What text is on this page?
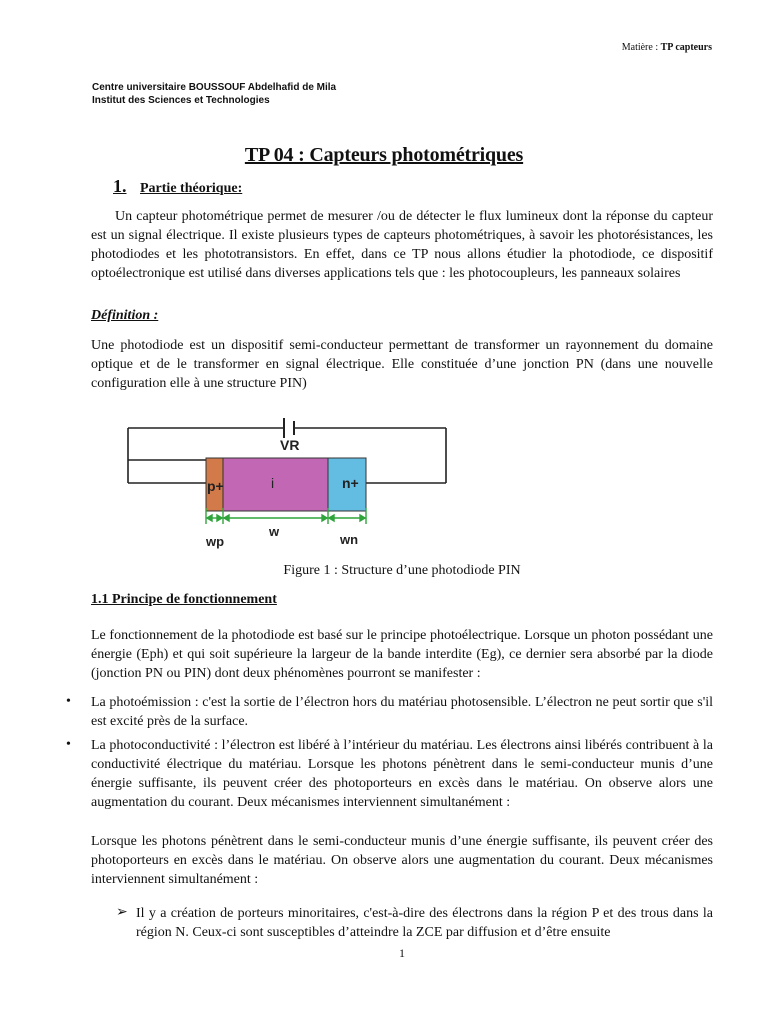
Matière : TP capteurs
Centre universitaire BOUSSOUF Abdelhafid de Mila
Institut des Sciences et Technologies
TP 04 : Capteurs photométriques
1. Partie théorique:
Un capteur photométrique permet de mesurer /ou de détecter le flux lumineux dont la réponse du capteur est un signal électrique. Il existe plusieurs types de capteurs photométriques, à savoir les photorésistances, les photodiodes et les phototransistors. En effet, dans ce TP nous allons étudier la photodiode, ce dispositif optoélectronique est utilisé dans diverses applications tels que : les photocoupleurs, les panneaux solaires
Définition :
Une photodiode est un dispositif semi-conducteur permettant de transformer un rayonnement du domaine optique et de le transformer en signal électrique. Elle constituée d’une jonction PN (dans une nouvelle configuration elle à une structure PIN)
VR
p+	i	n+
wp
w
wn
Figure 1 : Structure d’une photodiode PIN
1.1 Principe de fonctionnement
Le fonctionnement de la photodiode est basé sur le principe photoélectrique. Lorsque un photon possédant une énergie (Eph) et qui soit supérieure la largeur de la bande interdite (Eg), ce dernier sera absorbé par la diode (jonction PN ou PIN) dont deux phénomènes pourront se manifester :
• La photoémission : c'est la sortie de l’électron hors du matériau photosensible. L’électron ne peut sortir que s'il est excité près de la surface.
• La photoconductivité : l’électron est libéré à l’intérieur du matériau. Les électrons ainsi libérés contribuent à la conductivité électrique du matériau. Lorsque les photons pénètrent dans le semi-conducteur munis d’une énergie suffisante, ils peuvent créer des photoporteurs en excès dans le matériau. On observe alors une augmentation du courant. Deux mécanismes interviennent simultanément :
Lorsque les photons pénètrent dans le semi-conducteur munis d’une énergie suffisante, ils peuvent créer des photoporteurs en excès dans le matériau. On observe alors une augmentation du courant. Deux mécanismes interviennent simultanément :
➢ Il y a création de porteurs minoritaires, c'est-à-dire des électrons dans la région P et des trous dans la région N. Ceux-ci sont susceptibles d’atteindre la ZCE par diffusion et d’être ensuite
1
